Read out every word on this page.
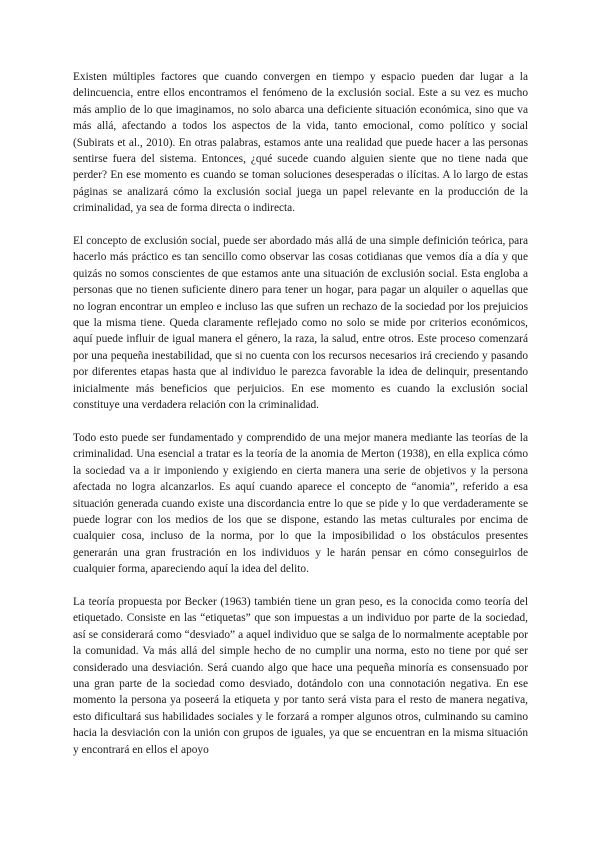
Existen múltiples factores que cuando convergen en tiempo y espacio pueden dar lugar a la delincuencia, entre ellos encontramos el fenómeno de la exclusión social. Este a su vez es mucho más amplio de lo que imaginamos, no solo abarca una deficiente situación económica, sino que va más allá, afectando a todos los aspectos de la vida, tanto emocional, como político y social (Subirats et al., 2010). En otras palabras, estamos ante una realidad que puede hacer a las personas sentirse fuera del sistema. Entonces, ¿qué sucede cuando alguien siente que no tiene nada que perder? En ese momento es cuando se toman soluciones desesperadas o ilícitas. A lo largo de estas páginas se analizará cómo la exclusión social juega un papel relevante en la producción de la criminalidad, ya sea de forma directa o indirecta.

El concepto de exclusión social, puede ser abordado más allá de una simple definición teórica, para hacerlo más práctico es tan sencillo como observar las cosas cotidianas que vemos día a día y que quizás no somos conscientes de que estamos ante una situación de exclusión social. Esta engloba a personas que no tienen suficiente dinero para tener un hogar, para pagar un alquiler o aquellas que no logran encontrar un empleo e incluso las que sufren un rechazo de la sociedad por los prejuicios que la misma tiene. Queda claramente reflejado como no solo se mide por criterios económicos, aquí puede influir de igual manera el género, la raza, la salud, entre otros. Este proceso comenzará por una pequeña inestabilidad, que si no cuenta con los recursos necesarios irá creciendo y pasando por diferentes etapas hasta que al individuo le parezca favorable la idea de delinquir, presentando inicialmente más beneficios que perjuicios. En ese momento es cuando la exclusión social constituye una verdadera relación con la criminalidad.

Todo esto puede ser fundamentado y comprendido de una mejor manera mediante las teorías de la criminalidad. Una esencial a tratar es la teoría de la anomia de Merton (1938), en ella explica cómo la sociedad va a ir imponiendo y exigiendo en cierta manera una serie de objetivos y la persona afectada no logra alcanzarlos. Es aquí cuando aparece el concepto de “anomia”, referido a esa situación generada cuando existe una discordancia entre lo que se pide y lo que verdaderamente se puede lograr con los medios de los que se dispone, estando las metas culturales por encima de cualquier cosa, incluso de la norma, por lo que la imposibilidad o los obstáculos presentes generarán una gran frustración en los individuos y le harán pensar en cómo conseguirlos de cualquier forma, apareciendo aquí la idea del delito.

La teoría propuesta por Becker (1963) también tiene un gran peso, es la conocida como teoría del etiquetado. Consiste en las “etiquetas” que son impuestas a un individuo por parte de la sociedad, así se considerará como “desviado” a aquel individuo que se salga de lo normalmente aceptable por la comunidad. Va más allá del simple hecho de no cumplir una norma, esto no tiene por qué ser considerado una desviación. Será cuando algo que hace una pequeña minoría es consensuado por una gran parte de la sociedad como desviado, dotándolo con una connotación negativa. En ese momento la persona ya poseerá la etiqueta y por tanto será vista para el resto de manera negativa, esto dificultará sus habilidades sociales y le forzará a romper algunos otros, culminando su camino hacia la desviación con la unión con grupos de iguales, ya que se encuentran en la misma situación y encontrará en ellos el apoyo
